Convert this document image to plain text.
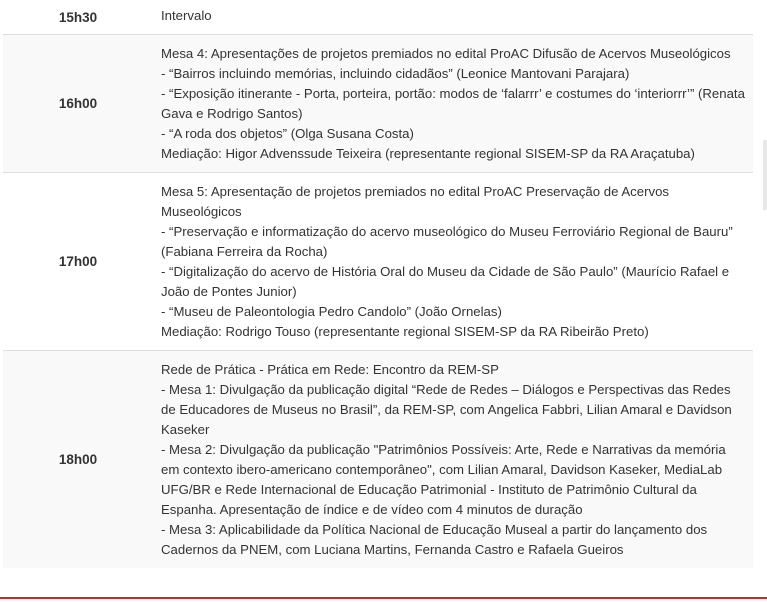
15h30	Intervalo
16h00
Mesa 4: Apresentações de projetos premiados no edital ProAC Difusão de Acervos Museológicos
- “Bairros incluindo memórias, incluindo cidadãos” (Leonice Mantovani Parajara)
- “Exposição itinerante - Porta, porteira, portão: modos de ‘falarrr’ e costumes do ‘interiorrr’” (Renata Gava e Rodrigo Santos)
- “A roda dos objetos” (Olga Susana Costa)
Mediação: Higor Advenssude Teixeira (representante regional SISEM-SP da RA Araçatuba)
17h00
Mesa 5: Apresentação de projetos premiados no edital ProAC Preservação de Acervos Museológicos
- “Preservação e informatização do acervo museológico do Museu Ferroviário Regional de Bauru” (Fabiana Ferreira da Rocha)
- “Digitalização do acervo de História Oral do Museu da Cidade de São Paulo” (Maurício Rafael e João de Pontes Junior)
- “Museu de Paleontologia Pedro Candolo” (João Ornelas)
Mediação: Rodrigo Touso (representante regional SISEM-SP da RA Ribeirão Preto)
18h00
Rede de Prática - Prática em Rede: Encontro da REM-SP
- Mesa 1: Divulgação da publicação digital “Rede de Redes – Diálogos e Perspectivas das Redes de Educadores de Museus no Brasil”, da REM-SP, com Angelica Fabbri, Lilian Amaral e Davidson Kaseker
- Mesa 2: Divulgação da publicação "Patrimônios Possíveis: Arte, Rede e Narrativas da memória em contexto ibero-americano contemporâneo", com Lilian Amaral, Davidson Kaseker, MediaLab UFG/BR e Rede Internacional de Educação Patrimonial - Instituto de Patrimônio Cultural da Espanha. Apresentação de índice e de vídeo com 4 minutos de duração
- Mesa 3: Aplicabilidade da Política Nacional de Educação Museal a partir do lançamento dos Cadernos da PNEM, com Luciana Martins, Fernanda Castro e Rafaela Gueiros
